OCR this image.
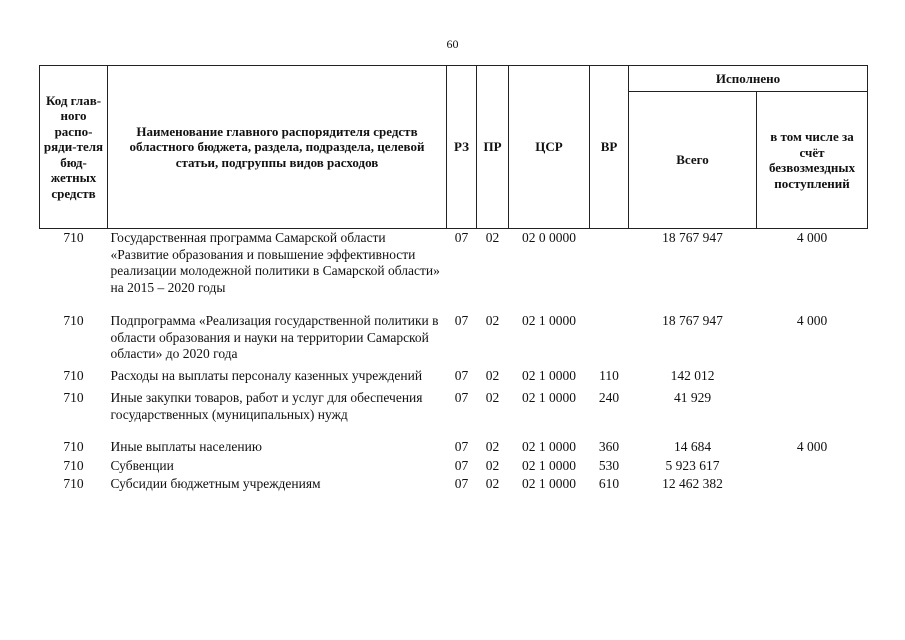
60
Код глав-ного распо-ряди-теля бюд-жетных средств	Наименование главного распорядителя средств областного бюджета, раздела, подраздела, целевой статьи, подгруппы видов расходов	РЗ	ПР	ЦСР	ВР	Исполнено	
						Всего	в том числе за счёт безвозмездных поступлений
710	Государственная программа Самарской области «Развитие образования и повышение эффективности реализации молодежной политики в Самарской области» на 2015 – 2020 годы	07	02	02 0 0000		18 767 947	4 000
710	Подпрограмма «Реализация государственной политики в области образования и науки на территории Самарской области» до 2020 года	07	02	02 1 0000		18 767 947	4 000
710	Расходы на выплаты персоналу казенных учреждений	07	02	02 1 0000	110	142 012	
710	Иные закупки товаров, работ и услуг для обеспечения государственных (муниципальных) нужд	07	02	02 1 0000	240	41 929	
710	Иные выплаты населению	07	02	02 1 0000	360	14 684	4 000
710	Субвенции	07	02	02 1 0000	530	5 923 617	
710	Субсидии бюджетным учреждениям	07	02	02 1 0000	610	12 462 382	
